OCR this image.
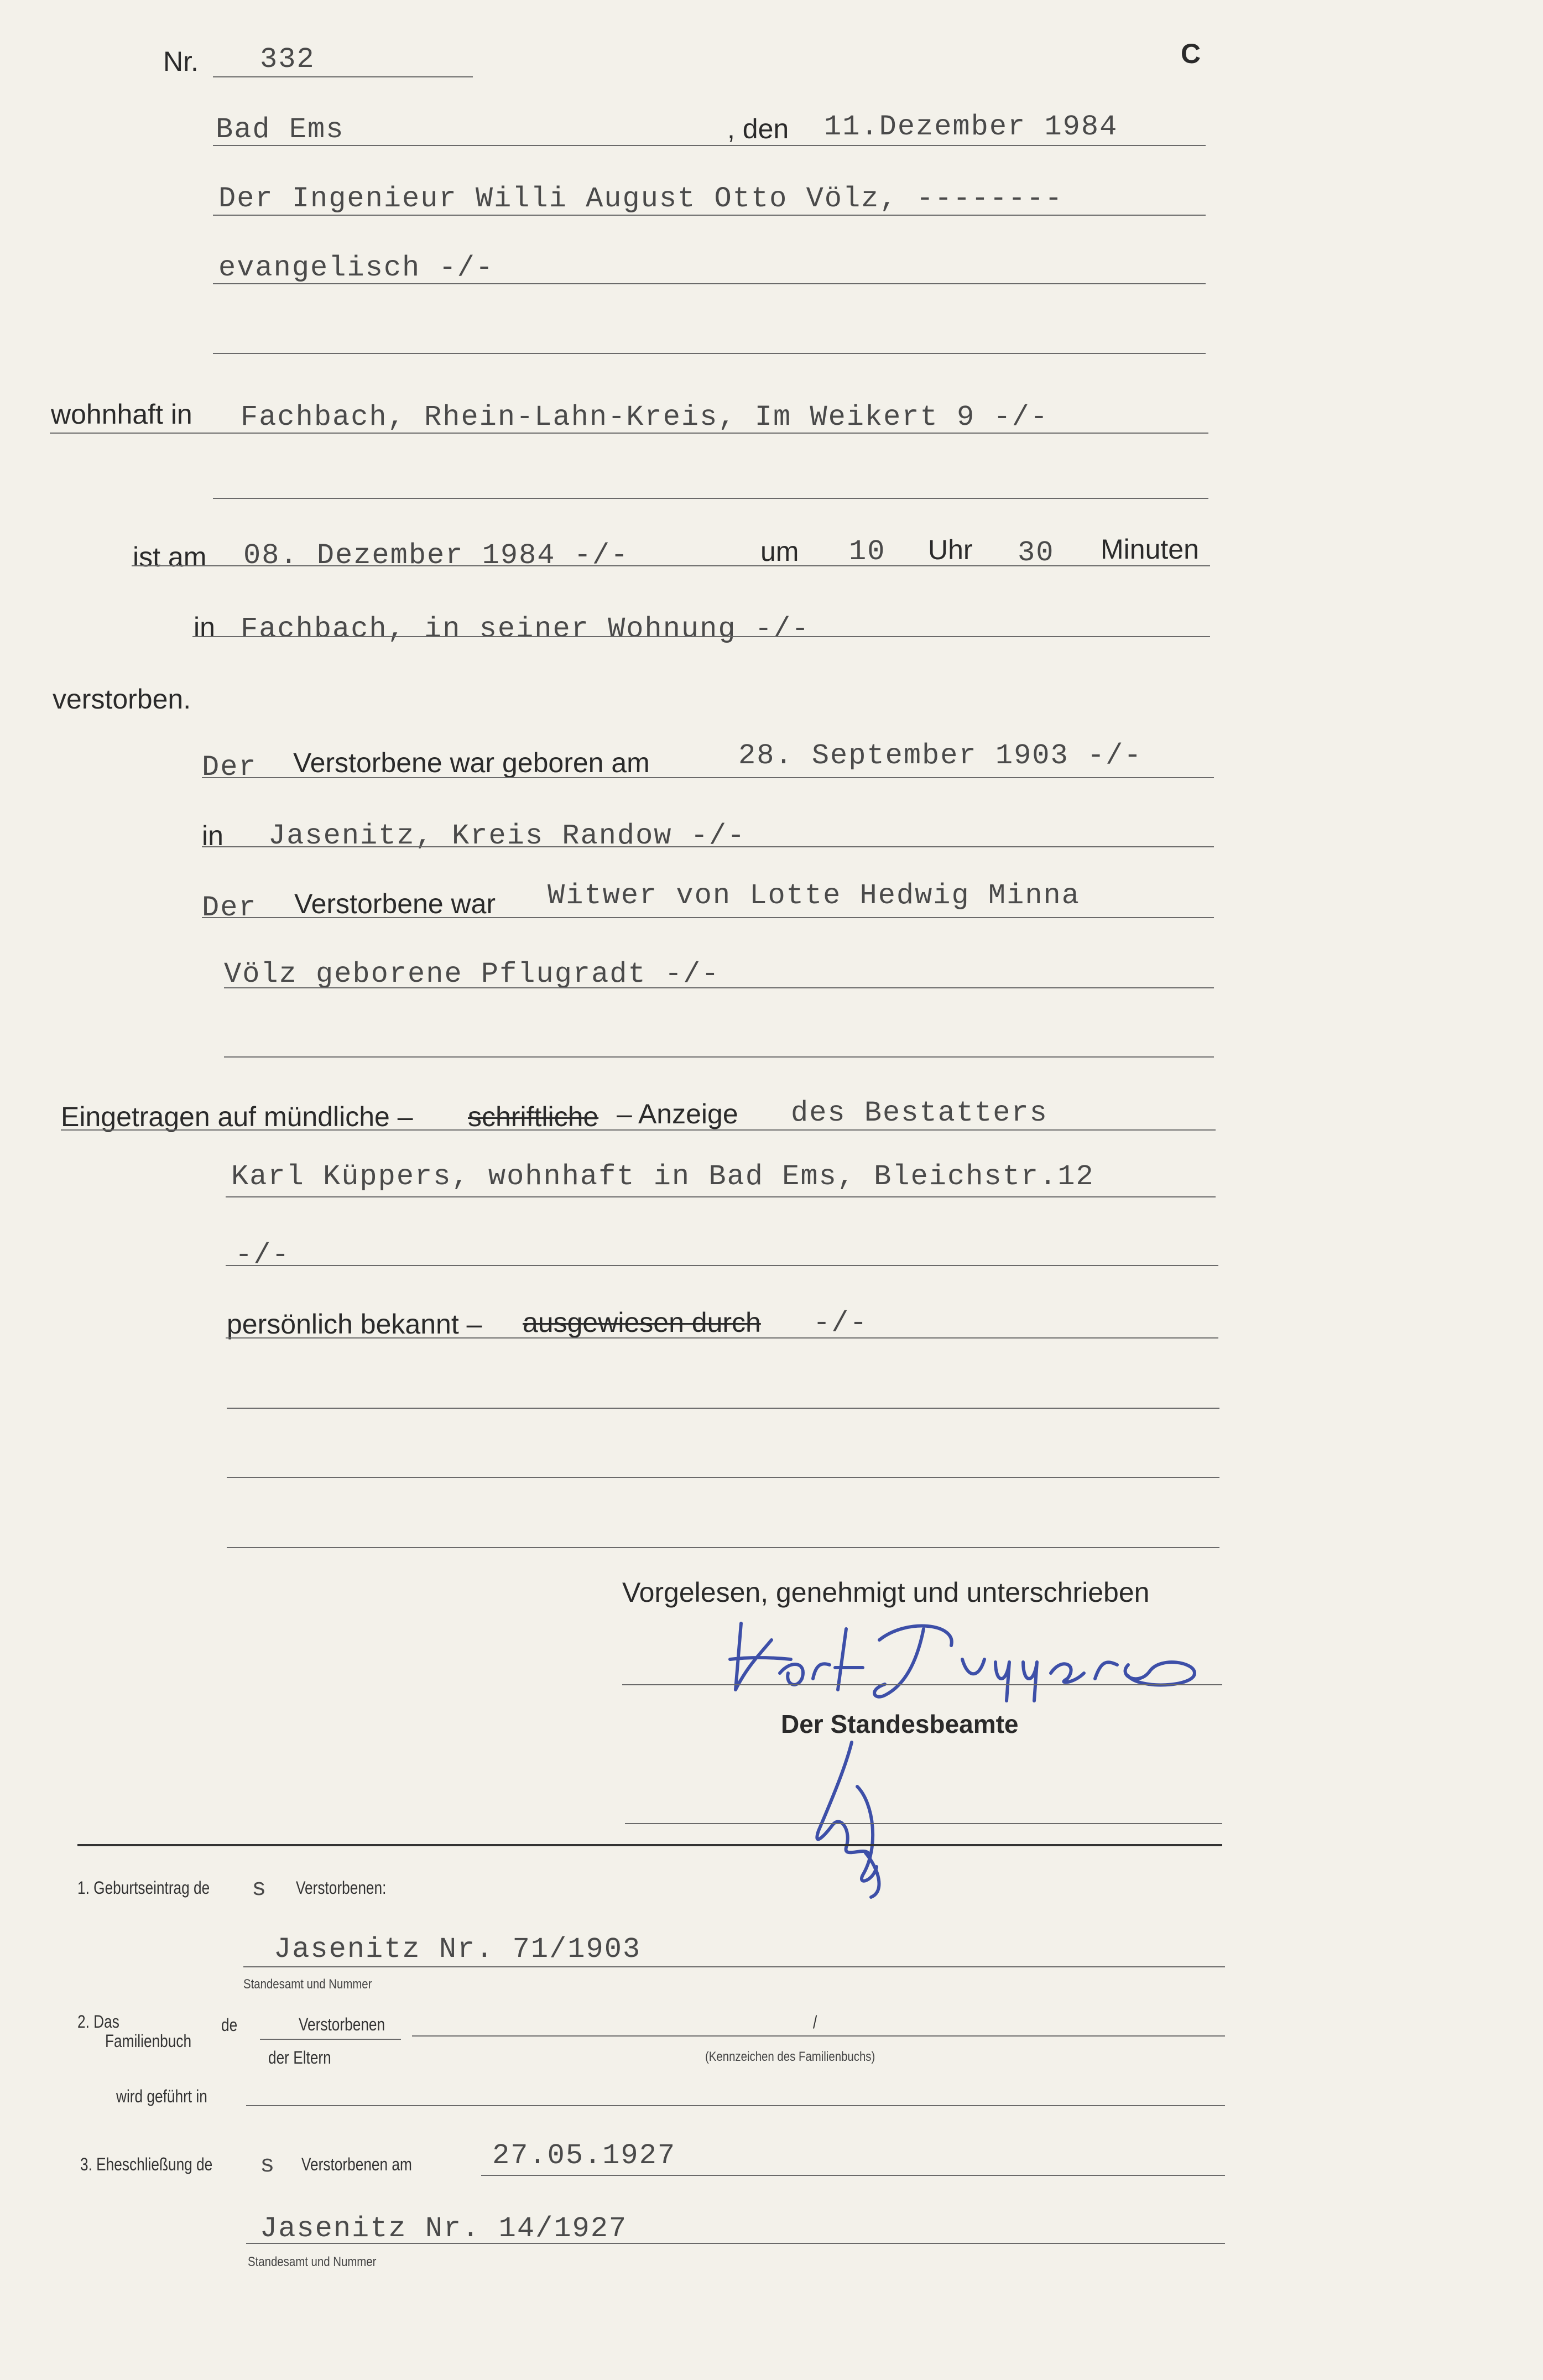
Nr. 332	C
Bad Ems	, den 11.Dezember 1984
Der Ingenieur Willi August Otto Völz, --------
evangelisch -/-
wohnhaft in Fachbach, Rhein-Lahn-Kreis, Im Weikert 9 -/-
ist am 08. Dezember 1984 -/-	um 10 Uhr 30 Minuten
in Fachbach, in seiner Wohnung -/-
verstorben.
Der Verstorbene war geboren am	28. September 1903 -/-
in Jasenitz, Kreis Randow -/-
Der Verstorbene war Witwer von Lotte Hedwig Minna
Völz geborene Pflugradt -/-
Eingetragen auf mündliche – schriftliche – Anzeige des Bestatters
Karl Küppers, wohnhaft in Bad Ems, Bleichstr.12
-/-
persönlich bekannt – ausgewiesen durch -/-
Vorgelesen, genehmigt und unterschrieben
Der Standesbeamte
1. Geburtseintrag de s Verstorbenen:
Jasenitz Nr. 71/1903
Standesamt und Nummer
2. Das
Familienbuch
de	Verstorbenen
der Eltern
/
(Kennzeichen des Familienbuchs)
wird geführt in
3. Eheschließung de s Verstorbenen am	27.05.1927
Jasenitz Nr. 14/1927
Standesamt und Nummer
